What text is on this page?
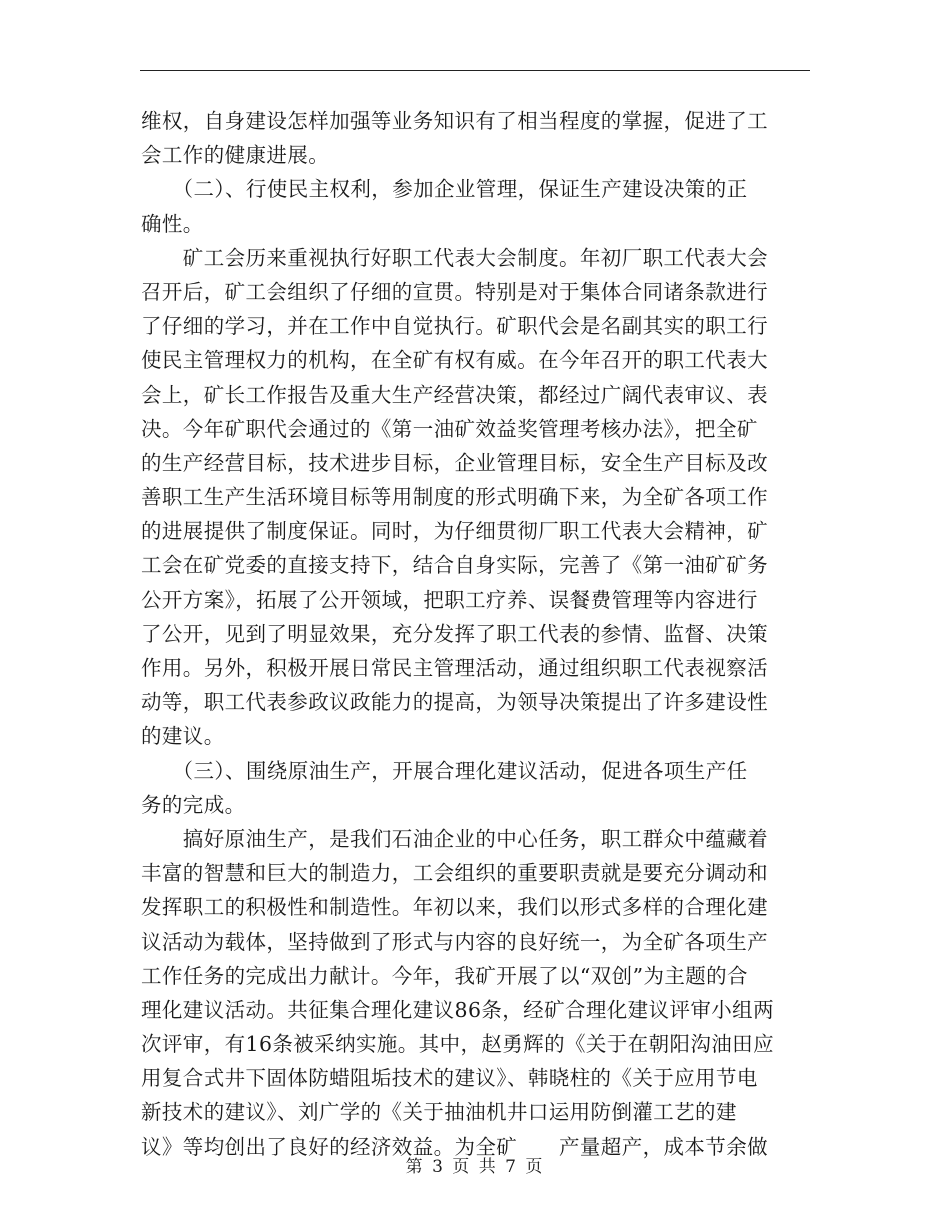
维权，自身建设怎样加强等业务知识有了相当程度的掌握，促进了工
会工作的健康进展。
　　（二）、行使民主权利，参加企业管理，保证生产建设决策的正
确性。
　　矿工会历来重视执行好职工代表大会制度。年初厂职工代表大会
召开后，矿工会组织了仔细的宣贯。特别是对于集体合同诸条款进行
了仔细的学习，并在工作中自觉执行。矿职代会是名副其实的职工行
使民主管理权力的机构，在全矿有权有威。在今年召开的职工代表大
会上，矿长工作报告及重大生产经营决策，都经过广阔代表审议、表
决。今年矿职代会通过的《第一油矿效益奖管理考核办法》，把全矿
的生产经营目标，技术进步目标，企业管理目标，安全生产目标及改
善职工生产生活环境目标等用制度的形式明确下来，为全矿各项工作
的进展提供了制度保证。同时，为仔细贯彻厂职工代表大会精神，矿
工会在矿党委的直接支持下，结合自身实际，完善了《第一油矿矿务
公开方案》，拓展了公开领域，把职工疗养、误餐费管理等内容进行
了公开，见到了明显效果，充分发挥了职工代表的参情、监督、决策
作用。另外，积极开展日常民主管理活动，通过组织职工代表视察活
动等，职工代表参政议政能力的提高，为领导决策提出了许多建设性
的建议。
　　（三）、围绕原油生产，开展合理化建议活动，促进各项生产任
务的完成。
　　搞好原油生产，是我们石油企业的中心任务，职工群众中蕴藏着
丰富的智慧和巨大的制造力，工会组织的重要职责就是要充分调动和
发挥职工的积极性和制造性。年初以来，我们以形式多样的合理化建
议活动为载体，坚持做到了形式与内容的良好统一，为全矿各项生产
工作任务的完成出力献计。今年，我矿开展了以“双创”为主题的合
理化建议活动。共征集合理化建议86条，经矿合理化建议评审小组两
次评审，有16条被采纳实施。其中，赵勇辉的《关于在朝阳沟油田应
用复合式井下固体防蜡阻垢技术的建议》、韩晓柱的《关于应用节电
新技术的建议》、刘广学的《关于抽油机井口运用防倒灌工艺的建
议》等均创出了良好的经济效益。为全矿　　产量超产，成本节余做
第 3 页 共 7 页
